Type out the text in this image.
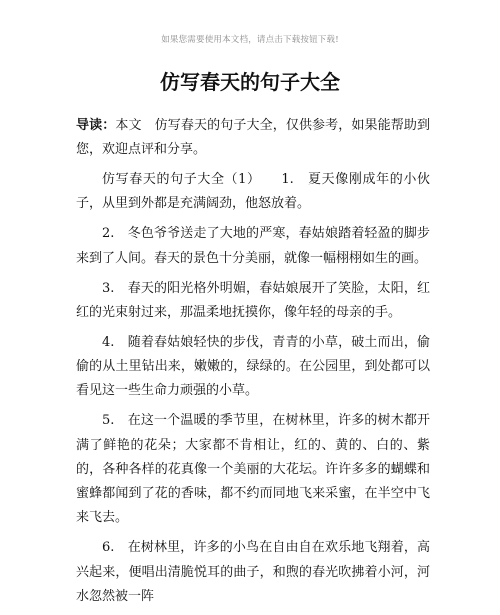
如果您需要使用本文档，请点击下载按钮下载!
仿写春天的句子大全

导读：本文　仿写春天的句子大全，仅供参考，如果能帮助到您，欢迎点评和分享。

仿写春天的句子大全（1）　　1.　夏天像刚成年的小伙子，从里到外都是充满阔劲，他怒放着。

2.　冬色爷爷送走了大地的严寒，春姑娘踏着轻盈的脚步来到了人间。春天的景色十分美丽，就像一幅栩栩如生的画。

3.　春天的阳光格外明媚，春姑娘展开了笑脸，太阳，红红的光束射过来，那温柔地抚摸你，像年轻的母亲的手。

4.　随着春姑娘轻快的步伐，青青的小草，破土而出，偷偷的从土里钻出来，嫩嫩的，绿绿的。在公园里，到处都可以看见这一些生命力顽强的小草。

5.　在这一个温暖的季节里，在树林里，许多的树木都开满了鲜艳的花朵；大家都不肯相让，红的、黄的、白的、紫的，各种各样的花真像一个美丽的大花坛。许许多多的蝴蝶和蜜蜂都闻到了花的香味，都不约而同地飞来采蜜，在半空中飞来飞去。

6.　在树林里，许多的小鸟在自由自在欢乐地飞翔着，高兴起来，便唱出清脆悦耳的曲子，和煦的春光吹拂着小河，河水忽然被一阵
